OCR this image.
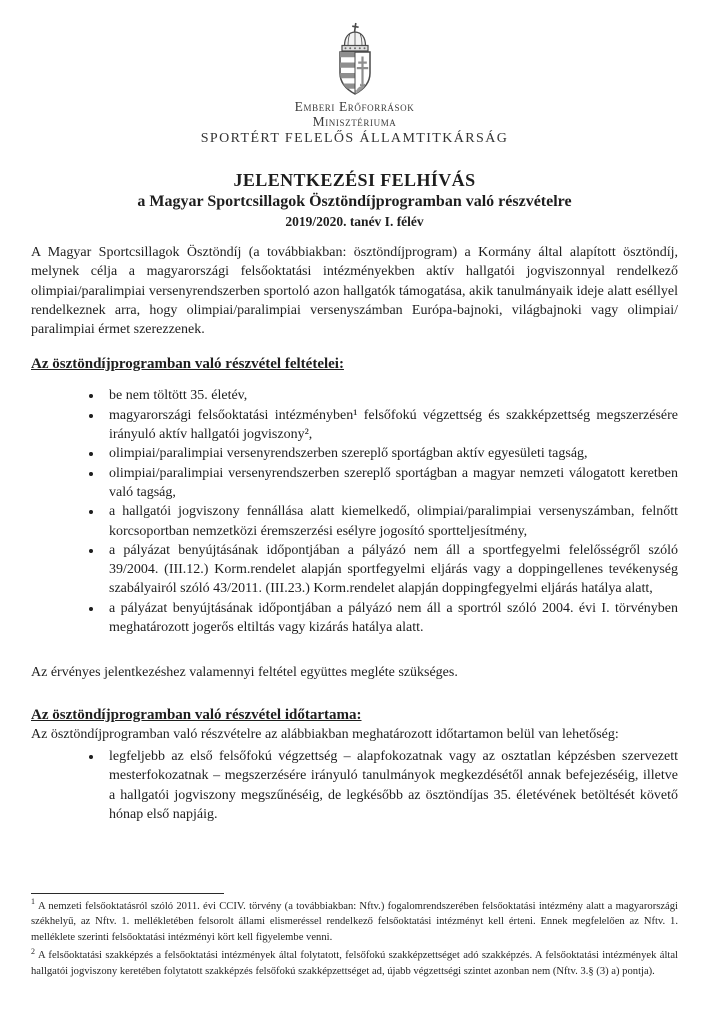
Emberi Erőforrások
Minisztériuma
SPORTÉRT FELELŐS ÁLLAMTITKÁRSÁG
JELENTKEZÉSI FELHÍVÁS
a Magyar Sportcsillagok Ösztöndíjprogramban való részvételre
2019/2020. tanév I. félév

A Magyar Sportcsillagok Ösztöndíj (a továbbiakban: ösztöndíjprogram) a Kormány által alapított ösztöndíj, melynek célja a magyarországi felsőoktatási intézményekben aktív hallgatói jogviszonnyal rendelkező olimpiai/paralimpiai versenyrendszerben sportoló azon hallgatók támogatása, akik tanulmányaik ideje alatt eséllyel rendelkeznek arra, hogy olimpiai/paralimpiai versenyszámban Európa-bajnoki, világbajnoki vagy olimpiai/ paralimpiai érmet szerezzenek.

Az ösztöndíjprogramban való részvétel feltételei:
• be nem töltött 35. életév,
• magyarországi felsőoktatási intézményben¹ felsőfokú végzettség és szakképzettség megszerzésére irányuló aktív hallgatói jogviszony²,
• olimpiai/paralimpiai versenyrendszerben szereplő sportágban aktív egyesületi tagság,
• olimpiai/paralimpiai versenyrendszerben szereplő sportágban a magyar nemzeti válogatott keretben való tagság,
• a hallgatói jogviszony fennállása alatt kiemelkedő, olimpiai/paralimpiai versenyszámban, felnőtt korcsoportban nemzetközi éremszerzési esélyre jogosító sportteljesítmény,
• a pályázat benyújtásának időpontjában a pályázó nem áll a sportfegyelmi felelősségről szóló 39/2004. (III.12.) Korm.rendelet alapján sportfegyelmi eljárás vagy a doppingellenes tevékenység szabályairól szóló 43/2011. (III.23.) Korm.rendelet alapján doppingfegyelmi eljárás hatálya alatt,
• a pályázat benyújtásának időpontjában a pályázó nem áll a sportról szóló 2004. évi I. törvényben meghatározott jogerős eltiltás vagy kizárás hatálya alatt.

Az érvényes jelentkezéshez valamennyi feltétel együttes megléte szükséges.

Az ösztöndíjprogramban való részvétel időtartama:

Az ösztöndíjprogramban való részvételre az alábbiakban meghatározott időtartamon belül van lehetőség:

• legfeljebb az első felsőfokú végzettség – alapfokozatnak vagy az osztatlan képzésben szervezett mesterfokozatnak – megszerzésére irányuló tanulmányok megkezdésétől annak befejezéséig, illetve a hallgatói jogviszony megszűnéséig, de legkésőbb az ösztöndíjas 35. életévének betöltését követő hónap első napjáig.

$^1$ A nemzeti felsőoktatásról szóló 2011. évi CCIV. törvény (a továbbiakban: Nftv.) fogalomrendszerében felsőoktatási intézmény alatt a magyarországi székhelyű, az Nftv. 1. mellékletében felsorolt állami elismeréssel rendelkező felsőoktatási intézményt kell érteni. Ennek megfelelően az Nftv. 1. melléklete szerinti felsőoktatási intézményi kört kell figyelembe venni.

$^2$ A felsőoktatási szakképzés a felsőoktatási intézmények által folytatott, felsőfokú szakképzettséget adó szakképzés. A felsőoktatási intézmények által hallgatói jogviszony keretében folytatott szakképzés felsőfokú szakképzettséget ad, újabb végzettségi szintet azonban nem (Nftv. 3.§ (3) a) pontja).
